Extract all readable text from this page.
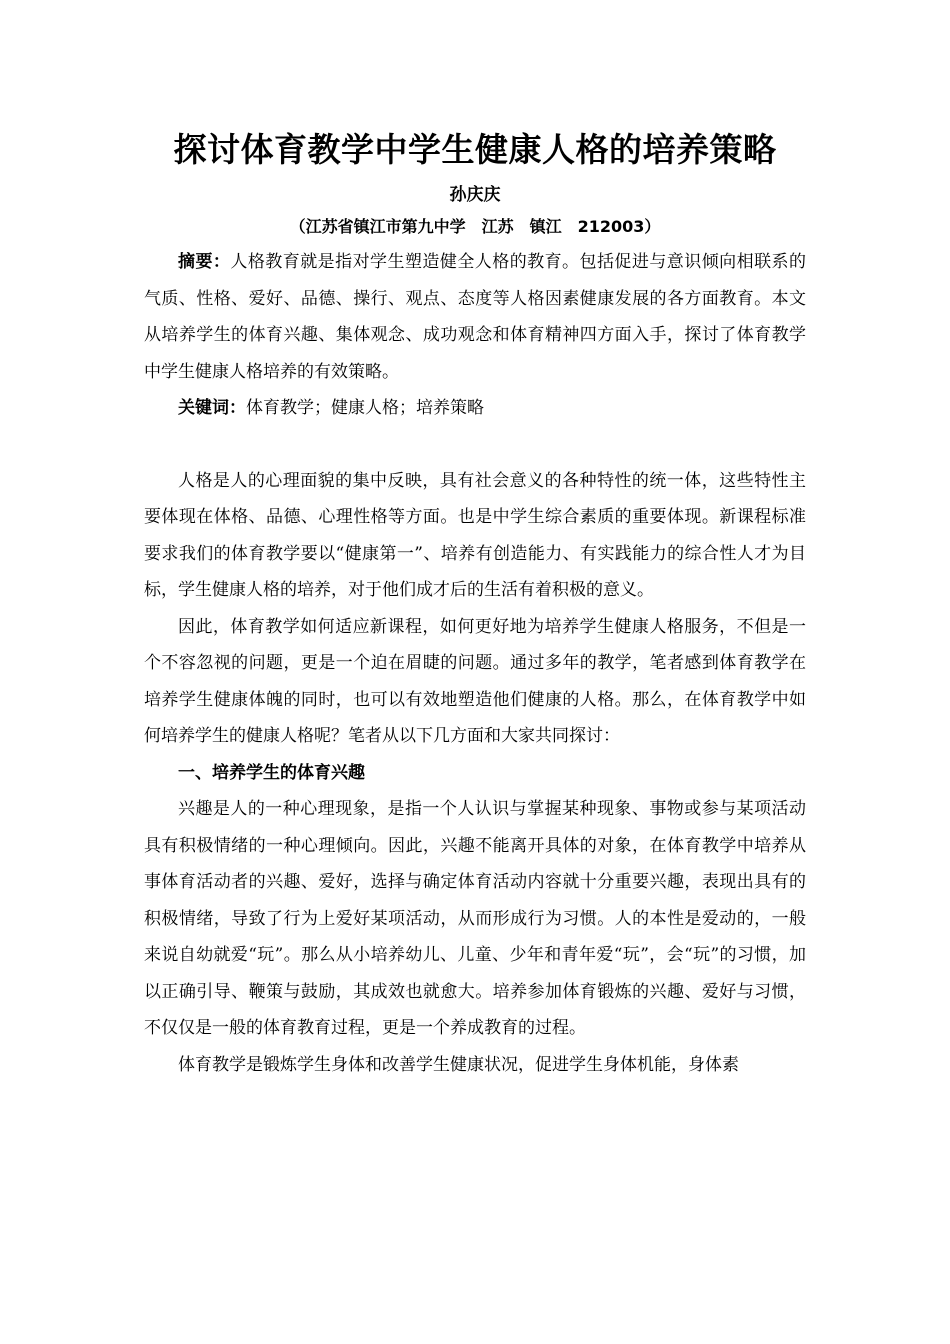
探讨体育教学中学生健康人格的培养策略
孙庆庆
（江苏省镇江市第九中学　江苏　镇江　212003）

摘要：人格教育就是指对学生塑造健全人格的教育。包括促进与意识倾向相联系的气质、性格、爱好、品德、操行、观点、态度等人格因素健康发展的各方面教育。本文从培养学生的体育兴趣、集体观念、成功观念和体育精神四方面入手，探讨了体育教学中学生健康人格培养的有效策略。

关键词：体育教学；健康人格；培养策略

人格是人的心理面貌的集中反映，具有社会意义的各种特性的统一体，这些特性主要体现在体格、品德、心理性格等方面。也是中学生综合素质的重要体现。新课程标准要求我们的体育教学要以“健康第一”、培养有创造能力、有实践能力的综合性人才为目标，学生健康人格的培养，对于他们成才后的生活有着积极的意义。

因此，体育教学如何适应新课程，如何更好地为培养学生健康人格服务，不但是一个不容忽视的问题，更是一个迫在眉睫的问题。通过多年的教学，笔者感到体育教学在培养学生健康体魄的同时，也可以有效地塑造他们健康的人格。那么，在体育教学中如何培养学生的健康人格呢？笔者从以下几方面和大家共同探讨：

一、培养学生的体育兴趣

兴趣是人的一种心理现象，是指一个人认识与掌握某种现象、事物或参与某项活动具有积极情绪的一种心理倾向。因此，兴趣不能离开具体的对象，在体育教学中培养从事体育活动者的兴趣、爱好，选择与确定体育活动内容就十分重要兴趣，表现出具有的积极情绪，导致了行为上爱好某项活动，从而形成行为习惯。人的本性是爱动的，一般来说自幼就爱“玩”。那么从小培养幼儿、儿童、少年和青年爱“玩”，会“玩”的习惯，加以正确引导、鞭策与鼓励，其成效也就愈大。培养参加体育锻炼的兴趣、爱好与习惯，不仅仅是一般的体育教育过程，更是一个养成教育的过程。

体育教学是锻炼学生身体和改善学生健康状况，促进学生身体机能，身体素
